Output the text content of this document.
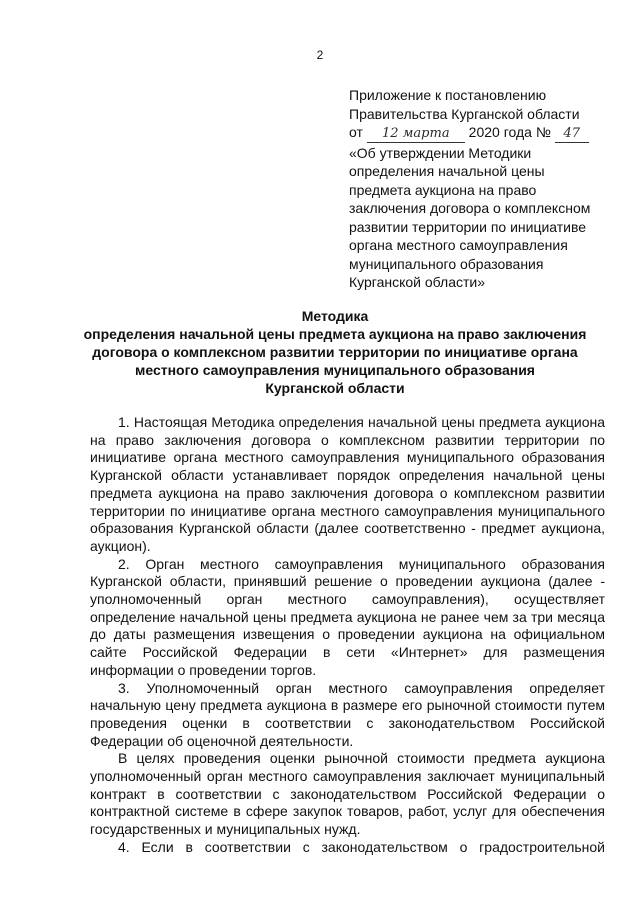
2
Приложение к постановлению
Правительства Курганской области
от 12 марта 2020 года № 47
«Об утверждении Методики
определения начальной цены
предмета аукциона на право
заключения договора о комплексном
развитии территории по инициативе
органа местного самоуправления
муниципального образования
Курганской области»
Методика
определения начальной цены предмета аукциона на право заключения
договора о комплексном развитии территории по инициативе органа
местного самоуправления муниципального образования
Курганской области

1. Настоящая Методика определения начальной цены предмета аукциона на право заключения договора о комплексном развитии территории по инициативе органа местного самоуправления муниципального образования Курганской области устанавливает порядок определения начальной цены предмета аукциона на право заключения договора о комплексном развитии территории по инициативе органа местного самоуправления муниципального образования Курганской области (далее соответственно - предмет аукциона, аукцион).

2. Орган местного самоуправления муниципального образования Курганской области, принявший решение о проведении аукциона (далее - уполномоченный орган местного самоуправления), осуществляет определение начальной цены предмета аукциона не ранее чем за три месяца до даты размещения извещения о проведении аукциона на официальном сайте Российской Федерации в сети «Интернет» для размещения информации о проведении торгов.

3. Уполномоченный орган местного самоуправления определяет начальную цену предмета аукциона в размере его рыночной стоимости путем проведения оценки в соответствии с законодательством Российской Федерации об оценочной деятельности.

В целях проведения оценки рыночной стоимости предмета аукциона уполномоченный орган местного самоуправления заключает муниципальный контракт в соответствии с законодательством Российской Федерации о контрактной системе в сфере закупок товаров, работ, услуг для обеспечения государственных и муниципальных нужд.

4. Если в соответствии с законодательством о градостроительной
